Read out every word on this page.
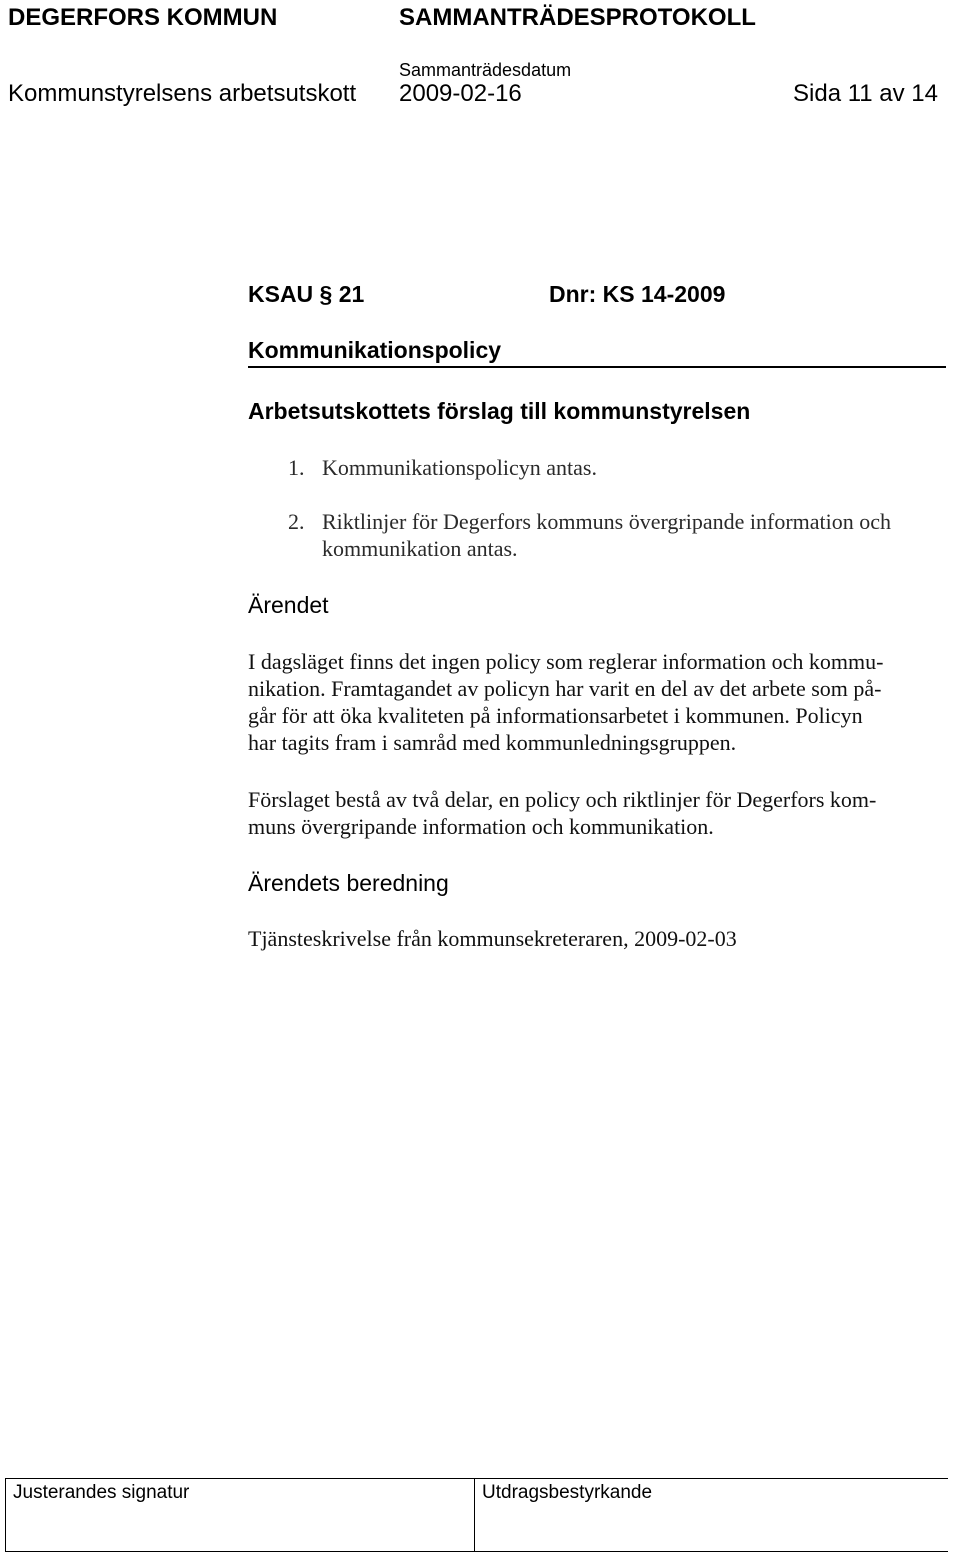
DEGERFORS KOMMUN	SAMMANTRÄDESPROTOKOLL
Sammanträdesdatum
Kommunstyrelsens arbetsutskott 2009-02-16	Sida 11 av 14
KSAU § 21	Dnr: KS 14-2009
Kommunikationspolicy
Arbetsutskottets förslag till kommunstyrelsen
1. Kommunikationspolicyn antas.
2. Riktlinjer för Degerfors kommuns övergripande information och
kommunikation antas.
Ärendet
I dagsläget finns det ingen policy som reglerar information och kommu-
nikation. Framtagandet av policyn har varit en del av det arbete som på-
går för att öka kvaliteten på informationsarbetet i kommunen. Policyn
har tagits fram i samråd med kommunledningsgruppen.
Förslaget bestå av två delar, en policy och riktlinjer för Degerfors kom-
muns övergripande information och kommunikation.
Ärendets beredning
Tjänsteskrivelse från kommunsekreteraren, 2009-02-03
Justerandes signatur	Utdragsbestyrkande
